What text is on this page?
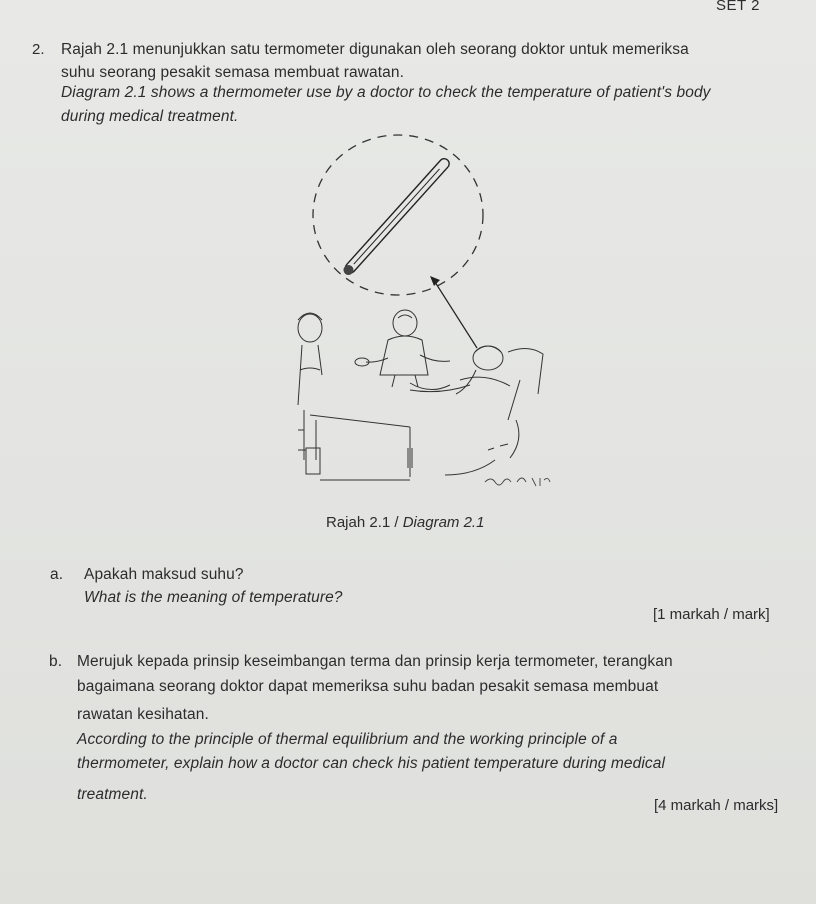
SET 2
2. Rajah 2.1 menunjukkan satu termometer digunakan oleh seorang doktor untuk memeriksa
suhu seorang pesakit semasa membuat rawatan.
Diagram 2.1 shows a thermometer use by a doctor to check the temperature of patient's body
during medical treatment.
Rajah 2.1 / Diagram 2.1
a. Apakah maksud suhu?
What is the meaning of temperature?
[1 markah / mark]
b. Merujuk kepada prinsip keseimbangan terma dan prinsip kerja termometer, terangkan
bagaimana seorang doktor dapat memeriksa suhu badan pesakit semasa membuat
rawatan kesihatan.
According to the principle of thermal equilibrium and the working principle of a
thermometer, explain how a doctor can check his patient temperature during medical
treatment.
[4 markah / marks]
